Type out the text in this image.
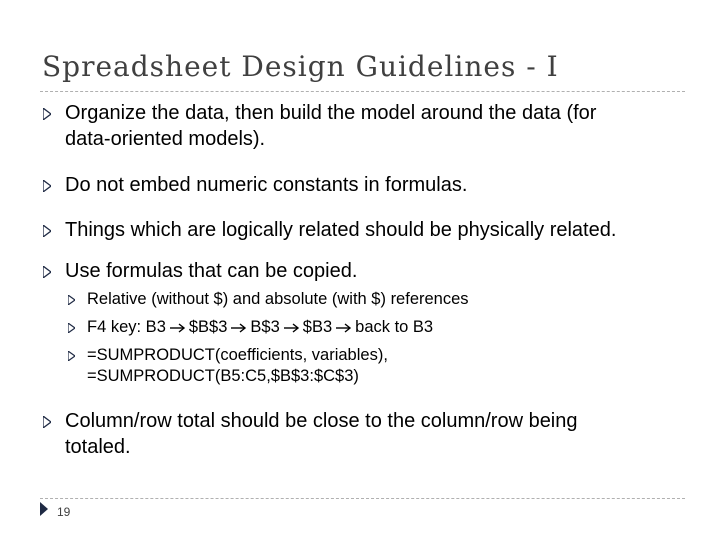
Spreadsheet Design Guidelines - I
Organize the data, then build the model around the data (for
data-oriented models).
Do not embed numeric constants in formulas.
Things which are logically related should be physically related.
Use formulas that can be copied.
Relative (without $) and absolute (with $) references
F4 key: B3 $B$3 B$3 $B3 back to B3
=SUMPRODUCT(coefficients, variables),
=SUMPRODUCT(B5:C5,$B$3:$C$3)
Column/row total should be close to the column/row being
totaled.
19
